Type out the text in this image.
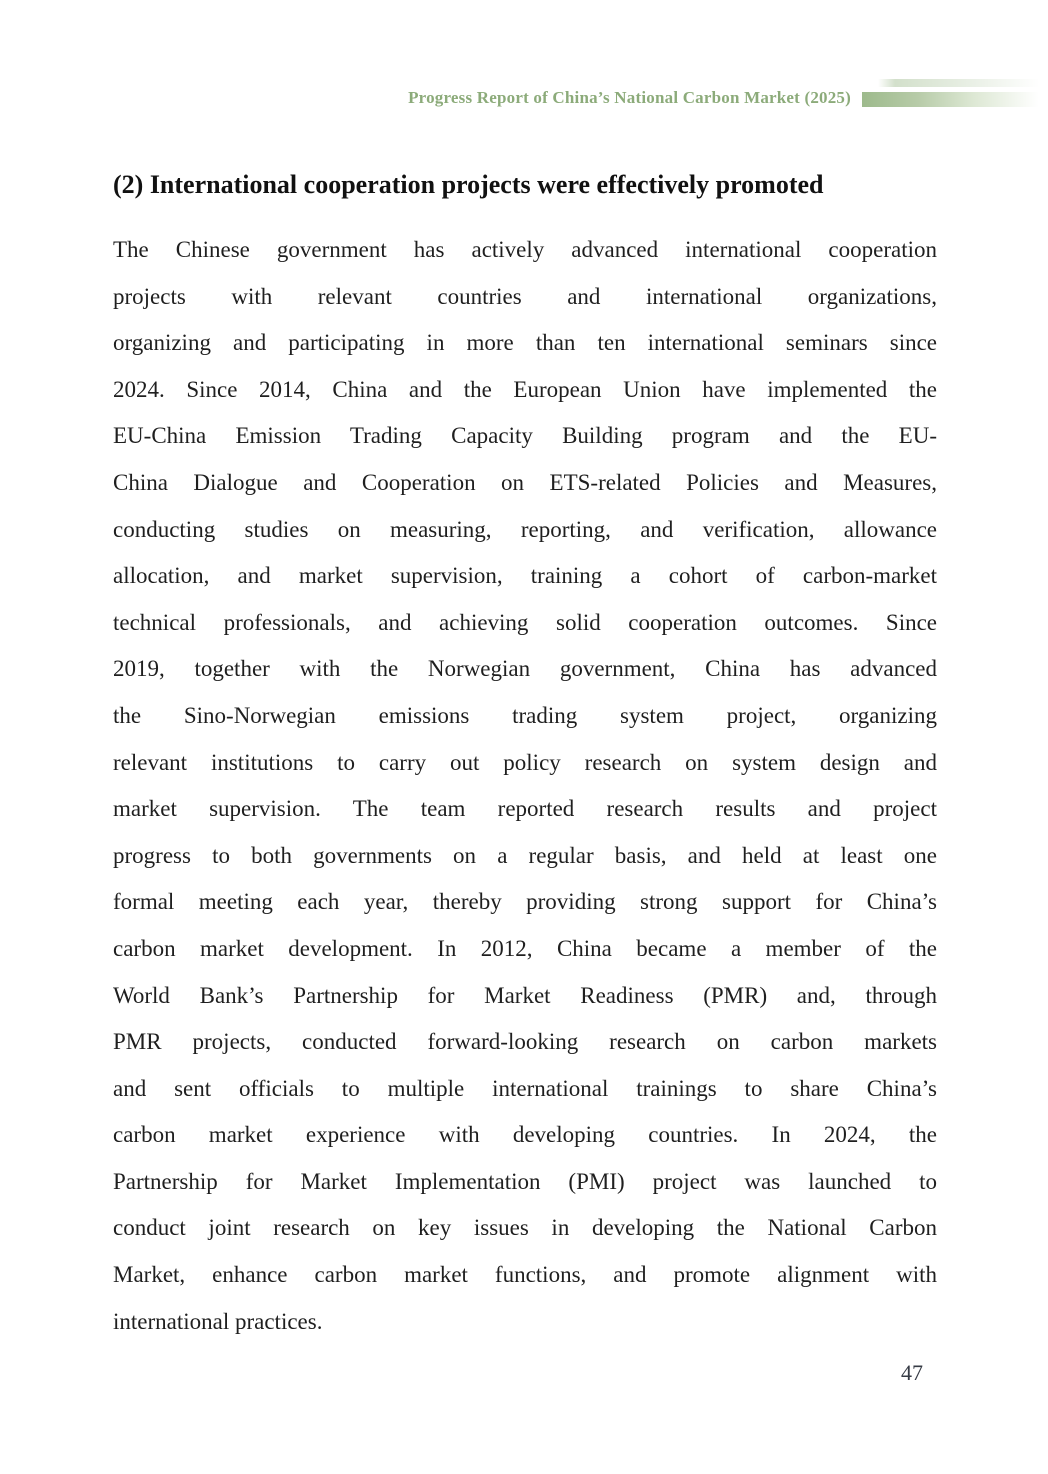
Progress Report of China’s National Carbon Market (2025)
(2) International cooperation projects were effectively promoted
The Chinese government has actively advanced international cooperation
projects with relevant countries and international organizations,
organizing and participating in more than ten international seminars since
2024. Since 2014, China and the European Union have implemented the
EU-China Emission Trading Capacity Building program and the EU-
China Dialogue and Cooperation on ETS-related Policies and Measures,
conducting studies on measuring, reporting, and verification, allowance
allocation, and market supervision, training a cohort of carbon-market
technical professionals, and achieving solid cooperation outcomes. Since
2019, together with the Norwegian government, China has advanced
the Sino-Norwegian emissions trading system project, organizing
relevant institutions to carry out policy research on system design and
market supervision. The team reported research results and project
progress to both governments on a regular basis, and held at least one
formal meeting each year, thereby providing strong support for China’s
carbon market development. In 2012, China became a member of the
World Bank’s Partnership for Market Readiness (PMR) and, through
PMR projects, conducted forward-looking research on carbon markets
and sent officials to multiple international trainings to share China’s
carbon market experience with developing countries. In 2024, the
Partnership for Market Implementation (PMI) project was launched to
conduct joint research on key issues in developing the National Carbon
Market, enhance carbon market functions, and promote alignment with
international practices.
47
